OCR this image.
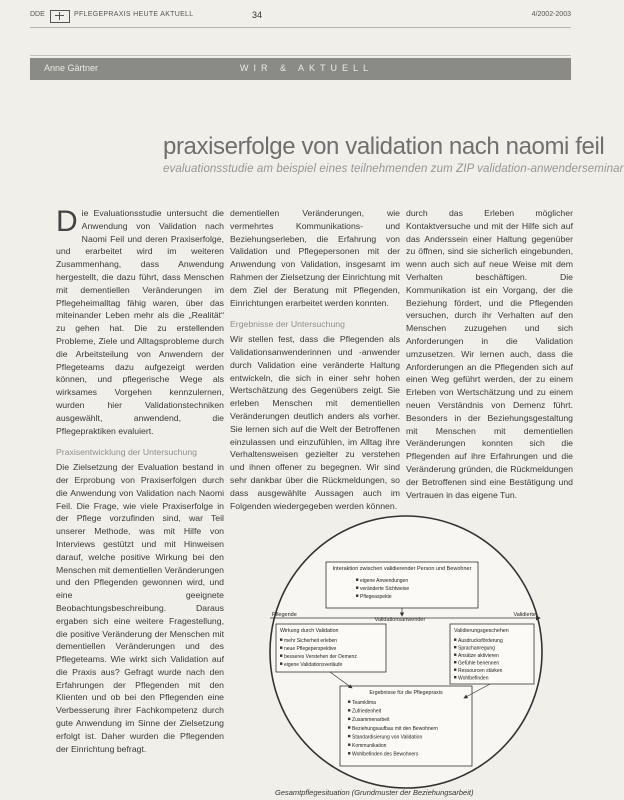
DDE	PFLEGEPRAXIS HEUTE AKTUELL	34	4/2002-2003
Anne Gärtner	WIR & AKTUELL
praxiserfolge von validation nach naomi feil
evaluationsstudie am beispiel eines teilnehmenden zum ZIP validation-anwenderseminar

Die Evaluationsstudie untersucht die Anwendung von Validation nach Naomi Feil und deren Praxiserfolge, und erarbeitet wird im weiteren Zusammenhang, dass Anwendung hergestellt, die dazu führt, dass Menschen mit dementiellen Veränderungen im Pflegeheimalltag fähig waren, über das miteinander Leben mehr als die „Realität“ zu gehen hat. Die zu erstellenden Probleme, Ziele und Alltagsprobleme durch die Arbeitsteilung von Anwendern der Pflegeteams dazu aufgezeigt werden können, und pflegerische Wege als wirksames Vorgehen kennzulernen, wurden hier Validationstechniken ausgewählt, anwendend, die Pflegepraktiken evaluiert.

Praxisentwicklung der Untersuchung

Die Zielsetzung der Evaluation bestand in der Erprobung von Praxiserfolgen durch die Anwendung von Validation nach Naomi Feil. Die Frage, wie viele Praxiserfolge in der Pflege vorzufinden sind, war Teil unserer Methode, was mit Hilfe von Interviews gestützt und mit Hinweisen darauf, welche positive Wirkung bei den Menschen mit dementiellen Veränderungen und den Pflegenden gewonnen wird, und eine geeignete Beobachtungsbeschreibung. Daraus ergaben sich eine weitere Fragestellung, die positive Veränderung der Menschen mit dementiellen Veränderungen und des Pflegeteams. Wie wirkt sich Validation auf die Praxis aus? Gefragt wurde nach den Erfahrungen der Pflegenden mit den Klienten und ob bei den Pflegenden eine Verbesserung ihrer Fachkompetenz durch gute Anwendung im Sinne der Zielsetzung erfolgt ist. Daher wurden die Pflegenden der Einrichtung befragt.

dementiellen Veränderungen, wie vermehrtes Kommunikations- und Beziehungserleben, die Erfahrung von Validation und Pflegepersonen mit der Anwendung von Validation, insgesamt im Rahmen der Zielsetzung der Einrichtung mit dem Ziel der Beratung mit Pflegenden, Einrichtungen erarbeitet werden konnten.

Ergebnisse der Untersuchung

Wir stellen fest, dass die Pflegenden als Validationsanwenderinnen und -anwender durch Validation eine veränderte Haltung entwickeln, die sich in einer sehr hohen Wertschätzung des Gegenübers zeigt. Sie erleben Menschen mit dementiellen Veränderungen deutlich anders als vorher. Sie lernen sich auf die Welt der Betroffenen einzulassen und einzufühlen, im Alltag ihre Verhaltensweisen gezielter zu verstehen und ihnen offener zu begegnen. Wir sind sehr dankbar über die Rückmeldungen, so dass ausgewählte Aussagen auch im Folgenden wiedergegeben werden können.

durch das Erleben möglicher Kontaktversuche und mit der Hilfe sich auf das Anderssein einer Haltung gegenüber zu öffnen, sind sie sicherlich eingebunden, wenn auch sich auf neue Weise mit dem Verhalten beschäftigen. Die Kommunikation ist ein Vorgang, der die Beziehung fördert, und die Pflegenden versuchen, durch ihr Verhalten auf den Menschen zuzugehen und sich Anforderungen in die Validation umzusetzen. Wir lernen auch, dass die Anforderungen an die Pflegenden sich auf einen Weg geführt werden, der zu einem Erleben von Wertschätzung und zu einem neuen Verständnis von Demenz führt. Besonders in der Beziehungsgestaltung mit Menschen mit dementiellen Veränderungen konnten sich die Pflegenden auf ihre Erfahrungen und die Veränderung gründen, die Rückmeldungen der Betroffenen sind eine Bestätigung und Vertrauen in das eigene Tun.

Interaktion zwischen validierender Person und Bewohner
eigene Anwendungen
veränderte Sichtweise
Pflegeaspekte
Pflegende
Validationsanwender
Validierte
Wirkung durch Validation
mehr Sicherheit erleben
neue Pflegeperspektive
besseres Verstehen der Demenz
eigene Validationsverläufe
Validierungsgeschehen
Ausdrucksförderung
Sprachanregung
Ansätze aktivieren
Gefühle benennen
Ressourcen stärken
Wohlbefinden
Ergebnisse für die Pflegepraxis
Teamklima
Zufriedenheit
Zusammenarbeit
Beziehungsaufbau mit den Bewohnern
Standardisierung von Validation
Kommunikation
Wohlbefinden des Bewohners
Gesamtpflegesituation (Grundmuster der Beziehungsarbeit)
